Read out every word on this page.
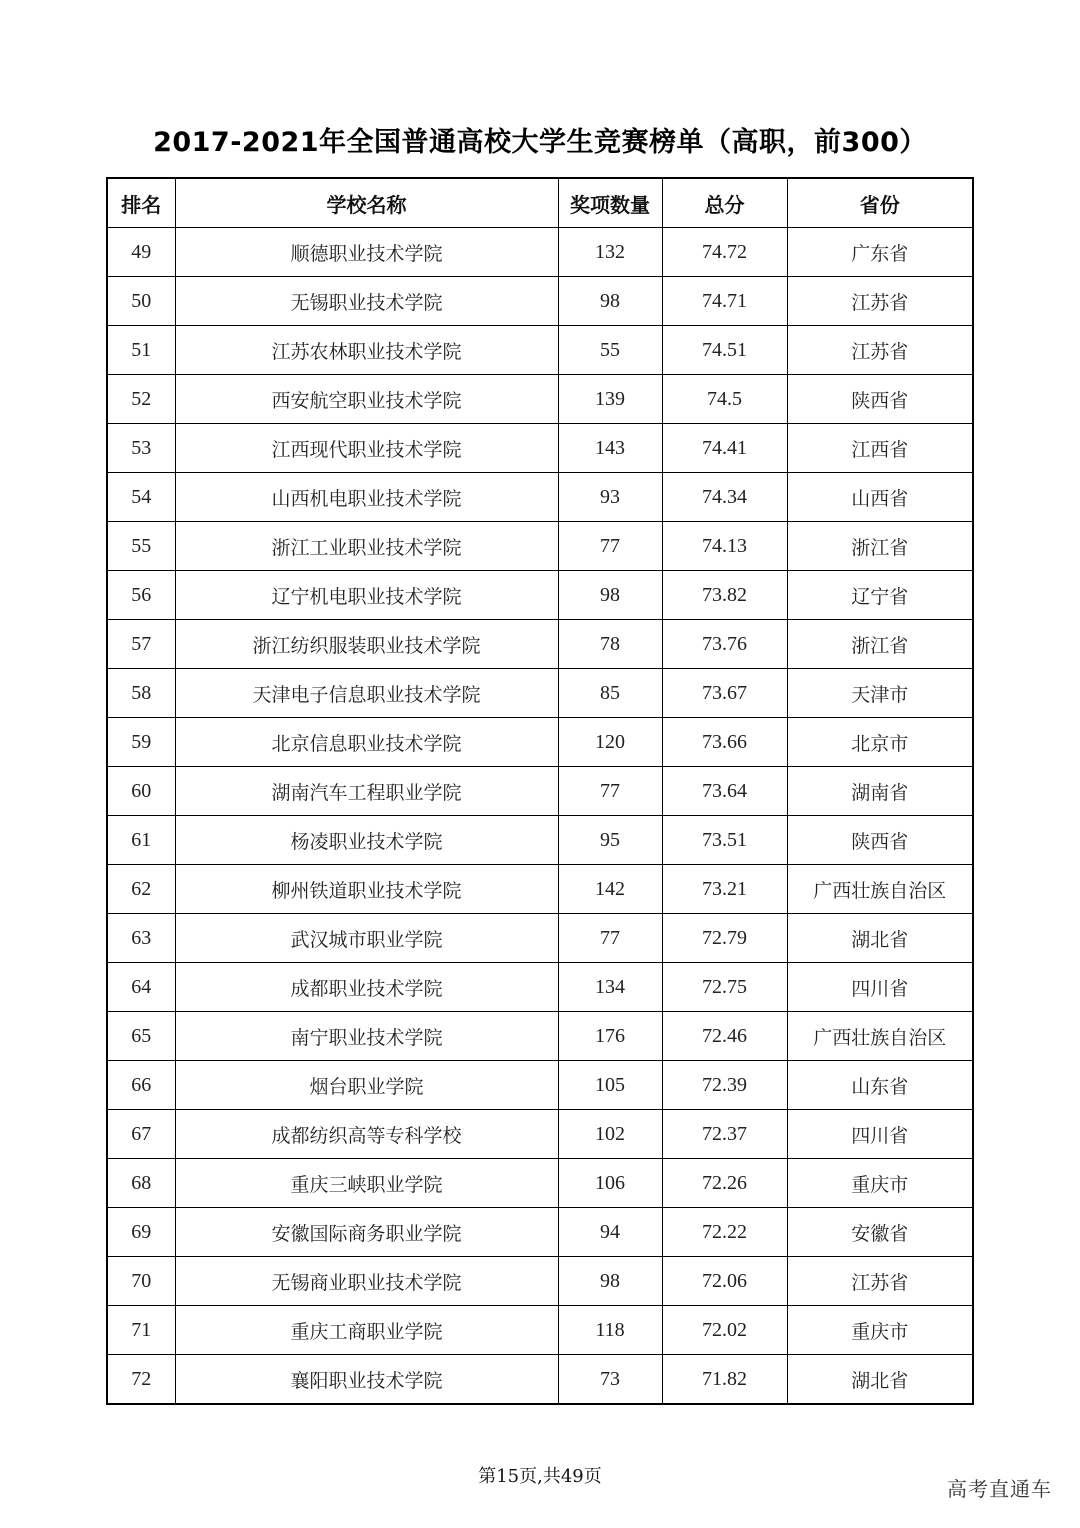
2017-2021年全国普通高校大学生竞赛榜单（高职，前300）
排名	学校名称	奖项数量	总分	省份
49	顺德职业技术学院	132	74.72	广东省
50	无锡职业技术学院	98	74.71	江苏省
51	江苏农林职业技术学院	55	74.51	江苏省
52	西安航空职业技术学院	139	74.5	陕西省
53	江西现代职业技术学院	143	74.41	江西省
54	山西机电职业技术学院	93	74.34	山西省
55	浙江工业职业技术学院	77	74.13	浙江省
56	辽宁机电职业技术学院	98	73.82	辽宁省
57	浙江纺织服装职业技术学院	78	73.76	浙江省
58	天津电子信息职业技术学院	85	73.67	天津市
59	北京信息职业技术学院	120	73.66	北京市
60	湖南汽车工程职业学院	77	73.64	湖南省
61	杨凌职业技术学院	95	73.51	陕西省
62	柳州铁道职业技术学院	142	73.21	广西壮族自治区
63	武汉城市职业学院	77	72.79	湖北省
64	成都职业技术学院	134	72.75	四川省
65	南宁职业技术学院	176	72.46	广西壮族自治区
66	烟台职业学院	105	72.39	山东省
67	成都纺织高等专科学校	102	72.37	四川省
68	重庆三峡职业学院	106	72.26	重庆市
69	安徽国际商务职业学院	94	72.22	安徽省
70	无锡商业职业技术学院	98	72.06	江苏省
71	重庆工商职业学院	118	72.02	重庆市
72	襄阳职业技术学院	73	71.82	湖北省
第15页,共49页
高考直通车
